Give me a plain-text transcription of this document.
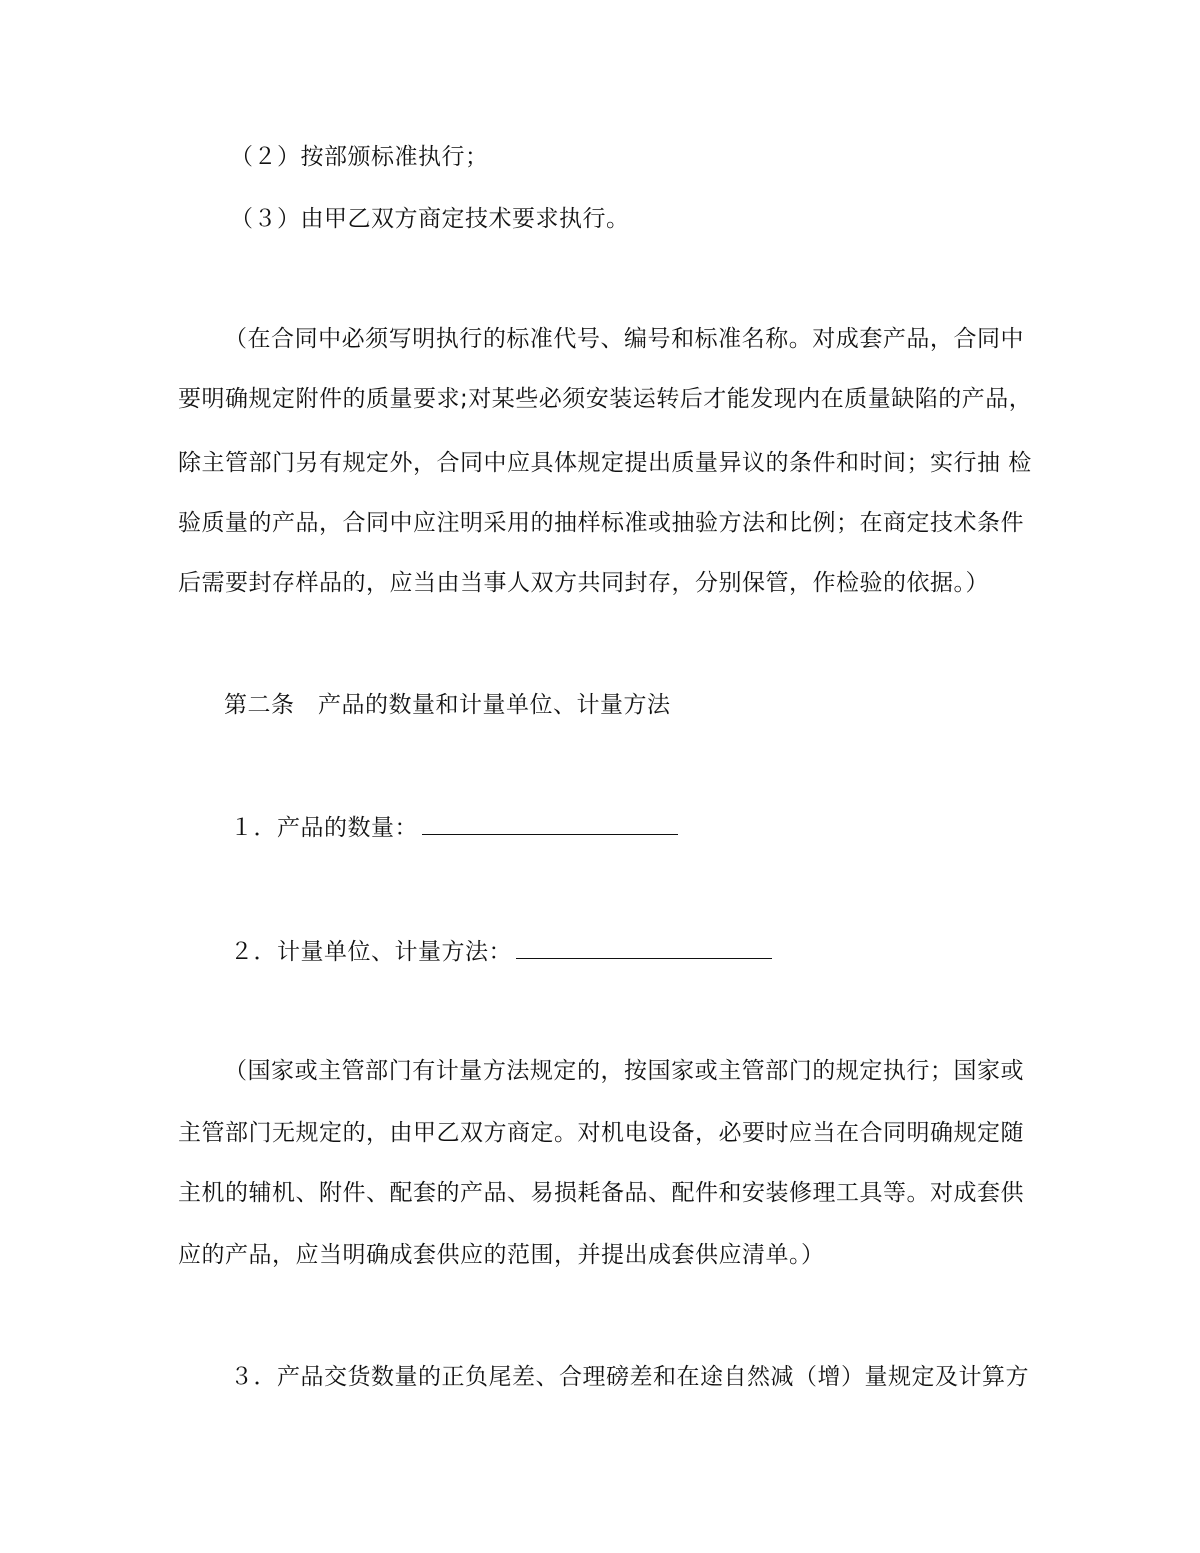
（２）按部颁标准执行；
（３）由甲乙双方商定技术要求执行。
（在合同中必须写明执行的标准代号、编号和标准名称。对成套产品，合同中
要明确规定附件的质量要求;对某些必须安装运转后才能发现内在质量缺陷的产品，
除主管部门另有规定外，合同中应具体规定提出质量异议的条件和时间；实行抽 检
验质量的产品，合同中应注明采用的抽样标准或抽验方法和比例；在商定技术条件
后需要封存样品的，应当由当事人双方共同封存，分别保管，作检验的依据。）
第二条　产品的数量和计量单位、计量方法
１．产品的数量：
２．计量单位、计量方法：
（国家或主管部门有计量方法规定的，按国家或主管部门的规定执行；国家或
主管部门无规定的，由甲乙双方商定。对机电设备，必要时应当在合同明确规定随
主机的辅机、附件、配套的产品、易损耗备品、配件和安装修理工具等。对成套供
应的产品，应当明确成套供应的范围，并提出成套供应清单。）
３．产品交货数量的正负尾差、合理磅差和在途自然减（增）量规定及计算方
